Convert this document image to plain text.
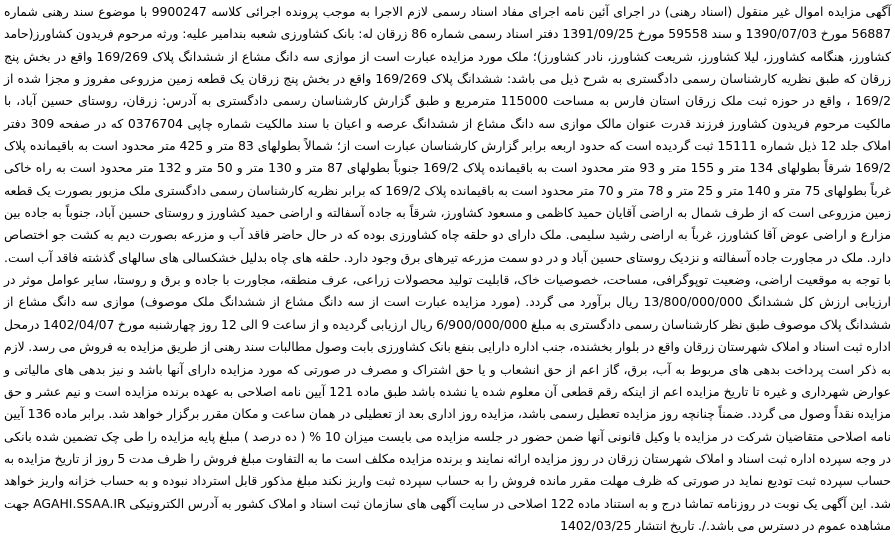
آگهی مزایده اموال غیر منقول (اسناد رهنی) در اجرای آئین نامه اجرای مفاد اسناد رسمی لازم الاجرا به موجب پرونده اجرائی کلاسه 9900247 با موضوع سند رهنی شماره 56887 مورخ 1390/07/03 و سند 59558 مورخ 1391/09/25 دفتر اسناد رسمی شماره 86 زرقان له: بانک کشاورزی شعبه بندامیر علیه: ورثه مرحوم فریدون کشاورز(حامد کشاورز، هنگامه کشاورز، لیلا کشاورز، شریعت کشاورز، نادر کشاورز)؛ ملک مورد مزایده عبارت است از موازی سه دانگ مشاع از ششدانگ پلاک 169/269 واقع در بخش پنج زرقان که طبق نظریه کارشناسان رسمی دادگستری به شرح ذیل می باشد: ششدانگ پلاک 169/269 واقع در بخش پنج زرقان یک قطعه زمین مزروعی مفروز و مجزا شده از 169/2 ، واقع در حوزه ثبت ملک زرقان استان فارس به مساحت 115000 مترمربع و طبق گزارش کارشناسان رسمی دادگستری به آدرس: زرقان، روستای حسین آباد، با مالکیت مرحوم فریدون کشاورز فرزند قدرت عنوان مالک موازی سه دانگ مشاع از ششدانگ عرصه و اعیان با سند مالکیت شماره چاپی 0376704 که در صفحه 309 دفتر املاک جلد 12 ذیل شماره 15111 ثبت گردیده است که حدود اربعه برابر گزارش کارشناسان عبارت است از؛ شمالاً بطولهای 83 متر و 425 متر محدود است به باقیمانده پلاک 169/2 شرقاً بطولهای 134 متر و 155 متر و 93 متر محدود است به باقیمانده پلاک 169/2 جنوباً بطولهای 87 متر و 130 متر و 50 متر و 132 متر محدود است به راه خاکی غرباً بطولهای 75 متر و 140 متر و 25 متر و 78 متر و 70 متر محدود است به باقیمانده پلاک 169/2 که برابر نظریه کارشناسان رسمی دادگستری ملک مزبور بصورت یک قطعه زمین مزروعی است که از طرف شمال به اراضی آقایان حمید کاظمی و مسعود کشاورز، شرقاً به جاده آسفالته و اراضی حمید کشاورز و روستای حسین آباد، جنوباً به جاده بین مزارع و اراضی عوض آقا کشاورز، غرباً به اراضی رشید سلیمی. ملک دارای دو حلقه چاه کشاورزی بوده که در حال حاضر فاقد آب و مزرعه بصورت دیم به کشت جو اختصاص دارد. ملک در مجاورت جاده آسفالته و نزدیک روستای حسین آباد و در دو سمت مزرعه تیرهای برق وجود دارد. حلقه های چاه بدلیل خشکسالی های سالهای گذشته فاقد آب است. با توجه به موقعیت اراضی، وضعیت توپوگرافی، مساحت، خصوصیات خاک، قابلیت تولید محصولات زراعی، عرف منطقه، مجاورت با جاده و برق و روستا، سایر عوامل موثر در ارزیابی ارزش کل ششدانگ 13/800/000/000 ریال برآورد می گردد. (مورد مزایده عبارت است از سه دانگ مشاع از ششدانگ ملک موصوف) موازی سه دانگ مشاع از ششدانگ پلاک موصوف طبق نظر کارشناسان رسمی دادگستری به مبلغ 6/900/000/000 ریال ارزیابی گردیده و از ساعت 9 الی 12 روز چهارشنبه مورخ 1402/04/07 درمحل اداره ثبت اسناد و املاک شهرستان زرقان واقع در بلوار بخشنده، جنب اداره دارایی بنفع بانک کشاورزی بابت وصول مطالبات سند رهنی از طریق مزایده به فروش می رسد. لازم به ذکر است پرداخت بدهی های مربوط به آب، برق، گاز اعم از حق انشعاب و یا حق اشتراک و مصرف در صورتی که مورد مزایده دارای آنها باشد و نیز بدهی های مالیاتی و عوارض شهرداری و غیره تا تاریخ مزایده اعم از اینکه رقم قطعی آن معلوم شده یا نشده باشد طبق ماده 121 آیین نامه اصلاحی به عهده برنده مزایده است و نیم عشر و حق مزایده نقداً وصول می گردد. ضمناً چنانچه روز مزایده تعطیل رسمی باشد، مزایده روز اداری بعد از تعطیلی در همان ساعت و مکان مقرر برگزار خواهد شد. برابر ماده 136 آیین نامه اصلاحی متقاضیان شرکت در مزایده با وکیل قانونی آنها ضمن حضور در جلسه مزایده می بایست میزان 10 % ( ده درصد ) مبلغ پایه مزایده را طی چک تضمین شده بانکی در وجه سپرده اداره ثبت اسناد و املاک شهرستان زرقان در روز مزایده ارائه نمایند و برنده مزایده مکلف است ما به التفاوت مبلغ فروش را ظرف مدت 5 روز از تاریخ مزایده به حساب سپرده ثبت تودیع نماید در صورتی که ظرف مهلت مقرر مانده فروش را به حساب سپرده ثبت واریز نکند مبلغ مذکور قابل استرداد نبوده و به حساب خزانه واریز خواهد شد. این آگهی یک نوبت در روزنامه تماشا درج و به استناد ماده 122 اصلاحی در سایت آگهی های سازمان ثبت اسناد و املاک کشور به آدرس الکترونیکی AGAHI.SSAA.IR جهت مشاهده عموم در دسترس می باشد./. تاریخ انتشار 1402/03/25
